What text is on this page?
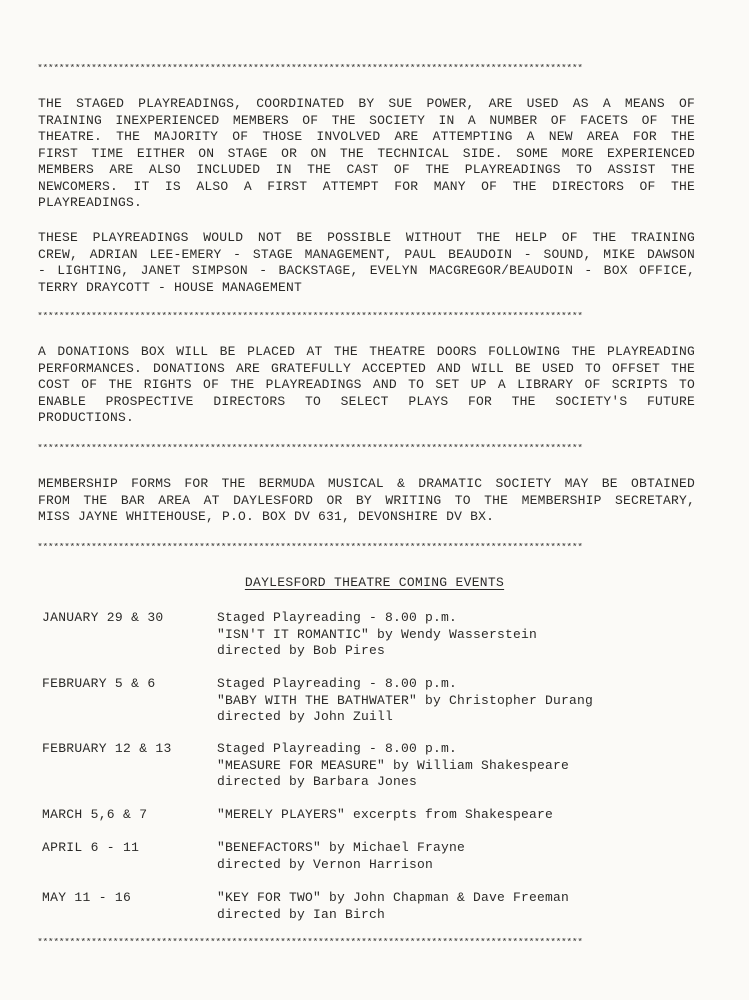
*****************************************************************************************************
THE STAGED PLAYREADINGS, COORDINATED BY SUE POWER, ARE USED AS A MEANS OF
TRAINING INEXPERIENCED MEMBERS OF THE SOCIETY IN A NUMBER OF FACETS OF THE
THEATRE. THE MAJORITY OF THOSE INVOLVED ARE ATTEMPTING A NEW AREA FOR THE
FIRST TIME EITHER ON STAGE OR ON THE TECHNICAL SIDE. SOME MORE EXPERIENCED
MEMBERS ARE ALSO INCLUDED IN THE CAST OF THE PLAYREADINGS TO ASSIST THE
NEWCOMERS. IT IS ALSO A FIRST ATTEMPT FOR MANY OF THE DIRECTORS OF THE
PLAYREADINGS.
THESE PLAYREADINGS WOULD NOT BE POSSIBLE WITHOUT THE HELP OF THE TRAINING
CREW, ADRIAN LEE-EMERY - STAGE MANAGEMENT, PAUL BEAUDOIN - SOUND, MIKE DAWSON
- LIGHTING, JANET SIMPSON - BACKSTAGE, EVELYN MACGREGOR/BEAUDOIN - BOX OFFICE,
TERRY DRAYCOTT - HOUSE MANAGEMENT
*****************************************************************************************************
A DONATIONS BOX WILL BE PLACED AT THE THEATRE DOORS FOLLOWING THE PLAYREADING
PERFORMANCES. DONATIONS ARE GRATEFULLY ACCEPTED AND WILL BE USED TO OFFSET THE
COST OF THE RIGHTS OF THE PLAYREADINGS AND TO SET UP A LIBRARY OF SCRIPTS TO
ENABLE PROSPECTIVE DIRECTORS TO SELECT PLAYS FOR THE SOCIETY'S FUTURE
PRODUCTIONS.
*****************************************************************************************************
MEMBERSHIP FORMS FOR THE BERMUDA MUSICAL & DRAMATIC SOCIETY MAY BE OBTAINED
FROM THE BAR AREA AT DAYLESFORD OR BY WRITING TO THE MEMBERSHIP SECRETARY,
MISS JAYNE WHITEHOUSE, P.O. BOX DV 631, DEVONSHIRE DV BX.
*****************************************************************************************************
DAYLESFORD THEATRE COMING EVENTS
JANUARY 29 & 30	Staged Playreading - 8.00 p.m.
"ISN'T IT ROMANTIC" by Wendy Wasserstein
directed by Bob Pires
FEBRUARY 5 & 6	Staged Playreading - 8.00 p.m.
"BABY WITH THE BATHWATER" by Christopher Durang
directed by John Zuill
FEBRUARY 12 & 13	Staged Playreading - 8.00 p.m.
"MEASURE FOR MEASURE" by William Shakespeare
directed by Barbara Jones
MARCH 5,6 & 7	"MERELY PLAYERS" excerpts from Shakespeare
APRIL 6 - 11	"BENEFACTORS" by Michael Frayne
directed by Vernon Harrison
MAY 11 - 16	"KEY FOR TWO" by John Chapman & Dave Freeman
directed by Ian Birch
*****************************************************************************************************
